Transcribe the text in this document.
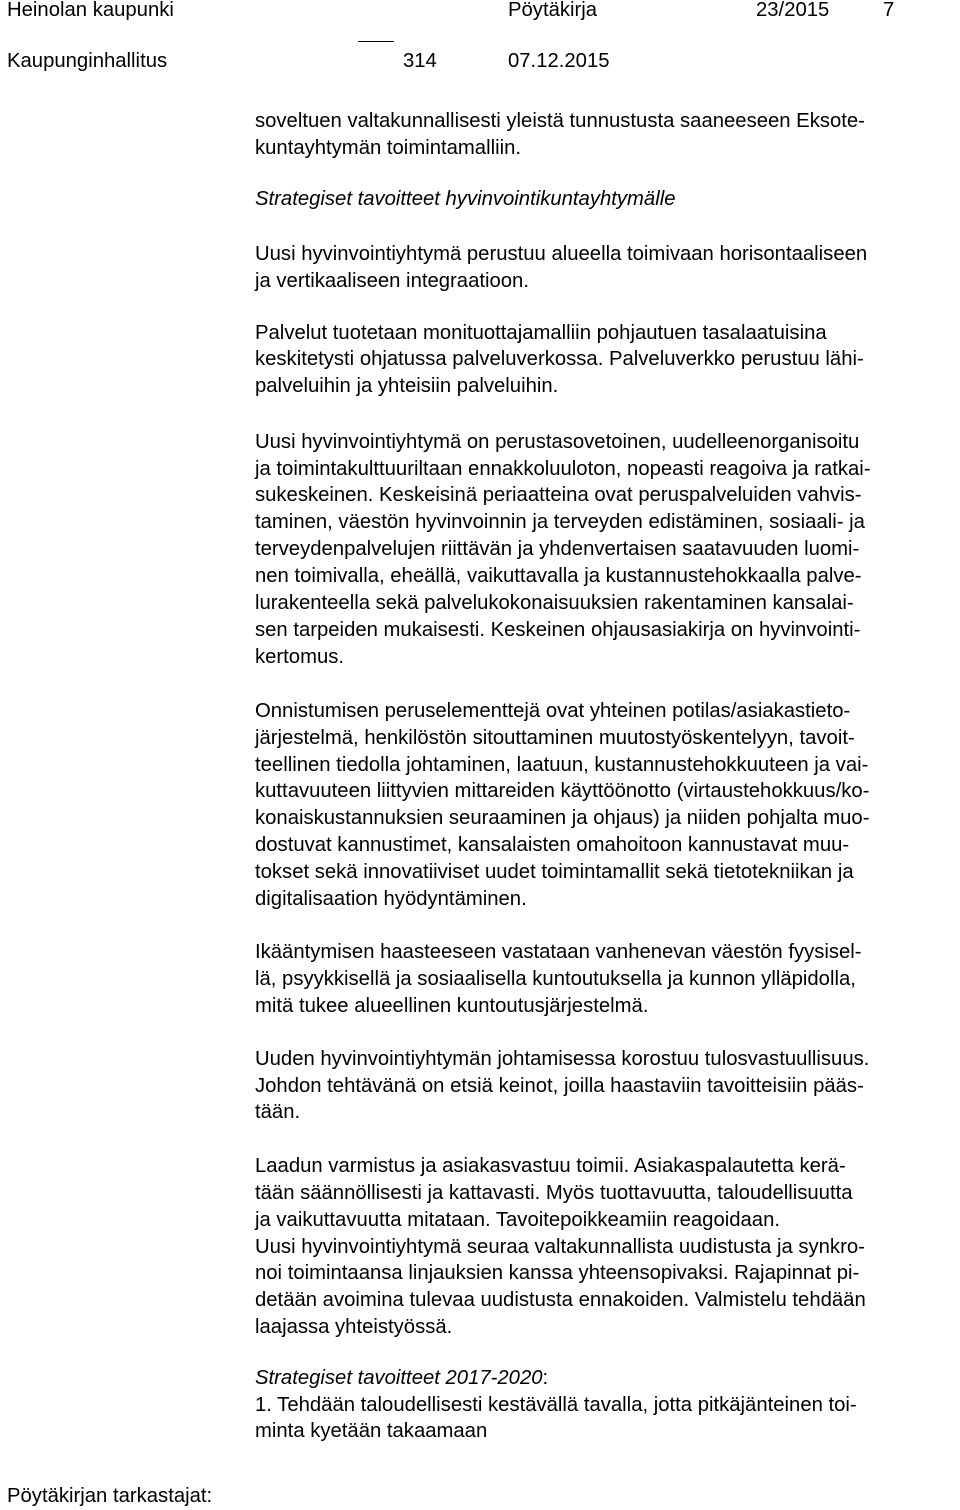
Heinolan kaupunki	Pöytäkirja	23/2015	7
Kaupunginhallitus	314	07.12.2015
soveltuen valtakunnallisesti yleistä tunnustusta saaneeseen Eksote-
kuntayhtymän toimintamalliin.
Strategiset tavoitteet hyvinvointikuntayhtymälle
Uusi hyvinvointiyhtymä perustuu alueella toimivaan horisontaaliseen
ja vertikaaliseen integraatioon.
Palvelut tuotetaan monituottajamalliin pohjautuen tasalaatuisina
keskitetysti ohjatussa palveluverkossa. Palveluverkko perustuu lähi-
palveluihin ja yhteisiin palveluihin.
Uusi hyvinvointiyhtymä on perustasovetoinen, uudelleenorganisoitu
ja toimintakulttuuriltaan ennakkoluuloton, nopeasti reagoiva ja ratkai-
sukeskeinen. Keskeisinä periaatteina ovat peruspalveluiden vahvis-
taminen, väestön hyvinvoinnin ja terveyden edistäminen, sosiaali- ja
terveydenpalvelujen riittävän ja yhdenvertaisen saatavuuden luomi-
nen toimivalla, eheällä, vaikuttavalla ja kustannustehokkaalla palve-
lurakenteella sekä palvelukokonaisuuksien rakentaminen kansalai-
sen tarpeiden mukaisesti. Keskeinen ohjausasiakirja on hyvinvointi-
kertomus.
Onnistumisen peruselementtejä ovat yhteinen potilas/asiakastieto-
järjestelmä, henkilöstön sitouttaminen muutostyöskentelyyn, tavoit-
teellinen tiedolla johtaminen, laatuun, kustannustehokkuuteen ja vai-
kuttavuuteen liittyvien mittareiden käyttöönotto (virtaustehokkuus/ko-
konaiskustannuksien seuraaminen ja ohjaus) ja niiden pohjalta muo-
dostuvat kannustimet, kansalaisten omahoitoon kannustavat muu-
tokset sekä innovatiiviset uudet toimintamallit sekä tietotekniikan ja
digitalisaation hyödyntäminen.
Ikääntymisen haasteeseen vastataan vanhenevan väestön fyysisel-
lä, psyykkisellä ja sosiaalisella kuntoutuksella ja kunnon ylläpidolla,
mitä tukee alueellinen kuntoutusjärjestelmä.
Uuden hyvinvointiyhtymän johtamisessa korostuu tulosvastuullisuus.
Johdon tehtävänä on etsiä keinot, joilla haastaviin tavoitteisiin pääs-
tään.
Laadun varmistus ja asiakasvastuu toimii. Asiakaspalautetta kerä-
tään säännöllisesti ja kattavasti. Myös tuottavuutta, taloudellisuutta
ja vaikuttavuutta mitataan. Tavoitepoikkeamiin reagoidaan.
Uusi hyvinvointiyhtymä seuraa valtakunnallista uudistusta ja synkro-
noi toimintaansa linjauksien kanssa yhteensopivaksi. Rajapinnat pi-
detään avoimina tulevaa uudistusta ennakoiden. Valmistelu tehdään
laajassa yhteistyössä.
Strategiset tavoitteet 2017-2020:
1. Tehdään taloudellisesti kestävällä tavalla, jotta pitkäjänteinen toi-
minta kyetään takaamaan
Pöytäkirjan tarkastajat:
